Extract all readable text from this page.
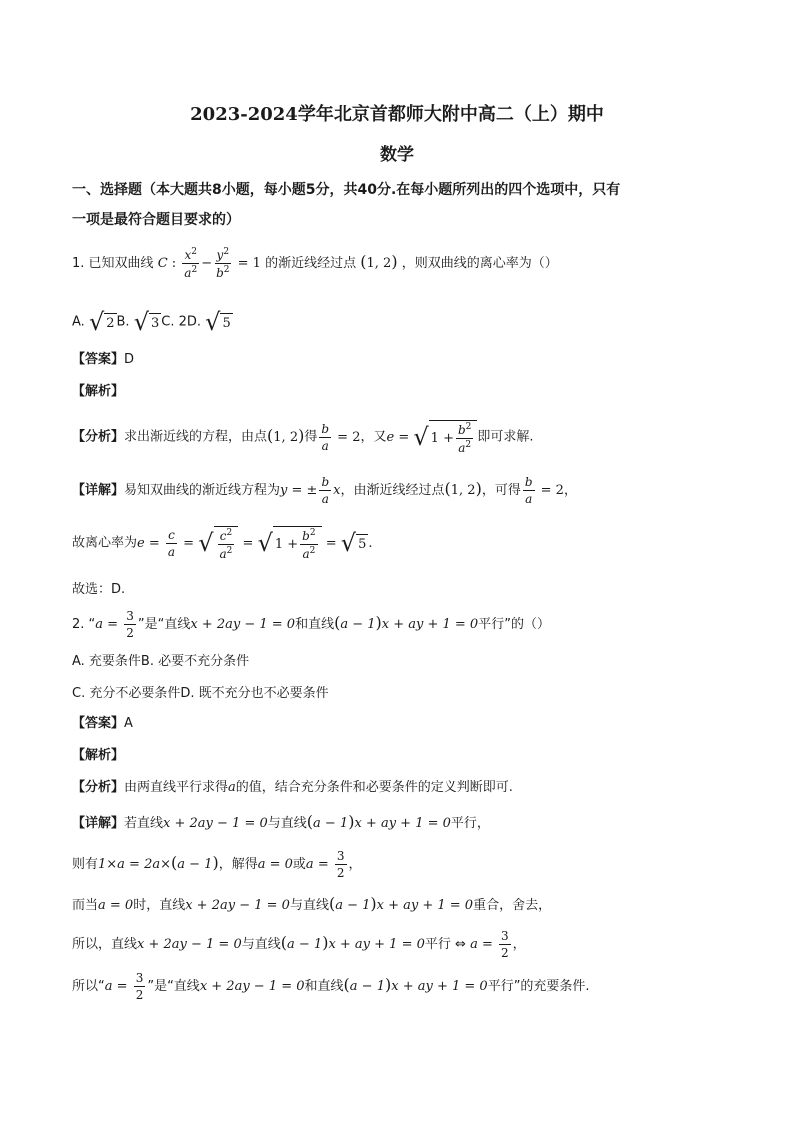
2023-2024学年北京首都师大附中高二（上）期中
数学
一、选择题（本大题共8小题，每小题5分，共40分.在每小题所列出的四个选项中，只有
一项是最符合题目要求的）
1. 已知双曲线 C : $\frac{x^2}{a^2} - \frac{y^2}{b^2} = 1$ 的渐近线经过点 (1, 2) ，则双曲线的离心率为（）
A. √ 2 B. √ 3 C. 2D. √ 5
【答案】D
【解析】
【分析】求出渐近线的方程，由点(1, 2)得 $\frac{b}{a} = 2$，又e = √ $1 + \frac{b^2}{a^2}$ 即可求解.
【详解】易知双曲线的渐近线方程为y = ± $\frac{b}{a}$ x，由渐近线经过点(1, 2)，可得 $\frac{b}{a} = 2$，
故离心率为$e = \frac{c}{a}$ = √ $\frac{c^2}{a^2}$ = √ $1 + \frac{b^2}{a^2}$ = √ 5 .
故选：D.
2. “$a = \frac{3}{2}$ ”是“直线x + 2ay − 1 = 0和直线(a − 1)x + ay + 1 = 0平行”的（）
A. 充要条件B. 必要不充分条件
C. 充分不必要条件D. 既不充分也不必要条件
【答案】A
【解析】
【分析】由两直线平行求得a的值，结合充分条件和必要条件的定义判断即可.
【详解】若直线x + 2ay − 1 = 0与直线(a − 1)x + ay + 1 = 0平行，
则有1×a = 2a×(a − 1)，解得a = 0或$a = \frac{3}{2}$ ，
而当a = 0时，直线x + 2ay − 1 = 0与直线(a − 1)x + ay + 1 = 0重合，舍去，
所以，直线x + 2ay − 1 = 0与直线(a − 1)x + ay + 1 = 0平行 ⇔ $a = \frac{3}{2}$ ，
所以“$a = \frac{3}{2}$ ”是“直线x + 2ay − 1 = 0和直线(a − 1)x + ay + 1 = 0平行”的充要条件.
